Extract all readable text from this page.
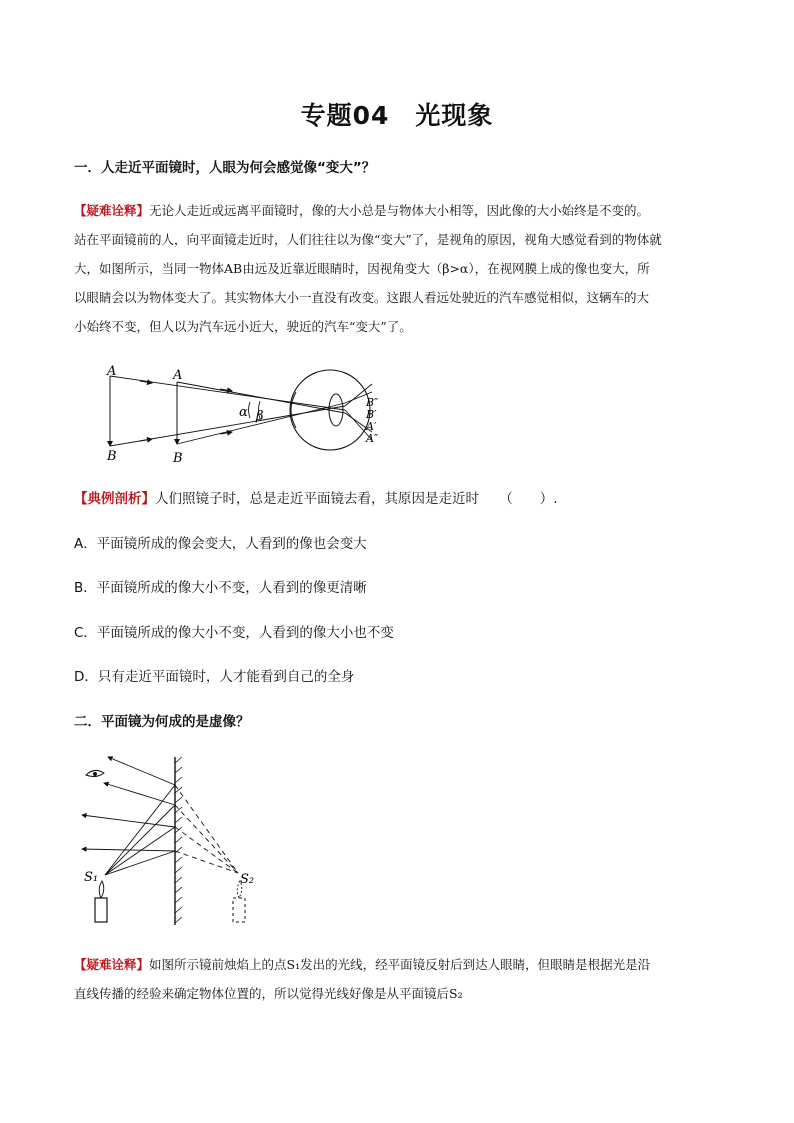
专题04　光现象
一．人走近平面镜时，人眼为何会感觉像“变大”？
【疑难诠释】无论人走近或远离平面镜时，像的大小总是与物体大小相等，因此像的大小始终是不变的。
站在平面镜前的人，向平面镜走近时，人们往往以为像“变大”了，是视角的原因，视角大感觉看到的物体就
大，如图所示，当同一物体AB由远及近靠近眼睛时，因视角变大（β>α），在视网膜上成的像也变大，所
以眼睛会以为物体变大了。其实物体大小一直没有改变。这跟人看远处驶近的汽车感觉相似，这辆车的大
小始终不变，但人以为汽车远小近大，驶近的汽车“变大”了。
A
B
A
B
α β
B″
B′
A′
A″
【典例剖析】人们照镜子时，总是走近平面镜去看，其原因是走近时　　（　　）.
A．平面镜所成的像会变大，人看到的像也会变大
B．平面镜所成的像大小不变，人看到的像更清晰
C．平面镜所成的像大小不变，人看到的像大小也不变
D．只有走近平面镜时，人才能看到自己的全身
二．平面镜为何成的是虚像？
S₁	S₂
【疑难诠释】如图所示镜前烛焰上的点S₁发出的光线，经平面镜反射后到达人眼睛，但眼睛是根据光是沿
直线传播的经验来确定物体位置的，所以觉得光线好像是从平面镜后S₂
